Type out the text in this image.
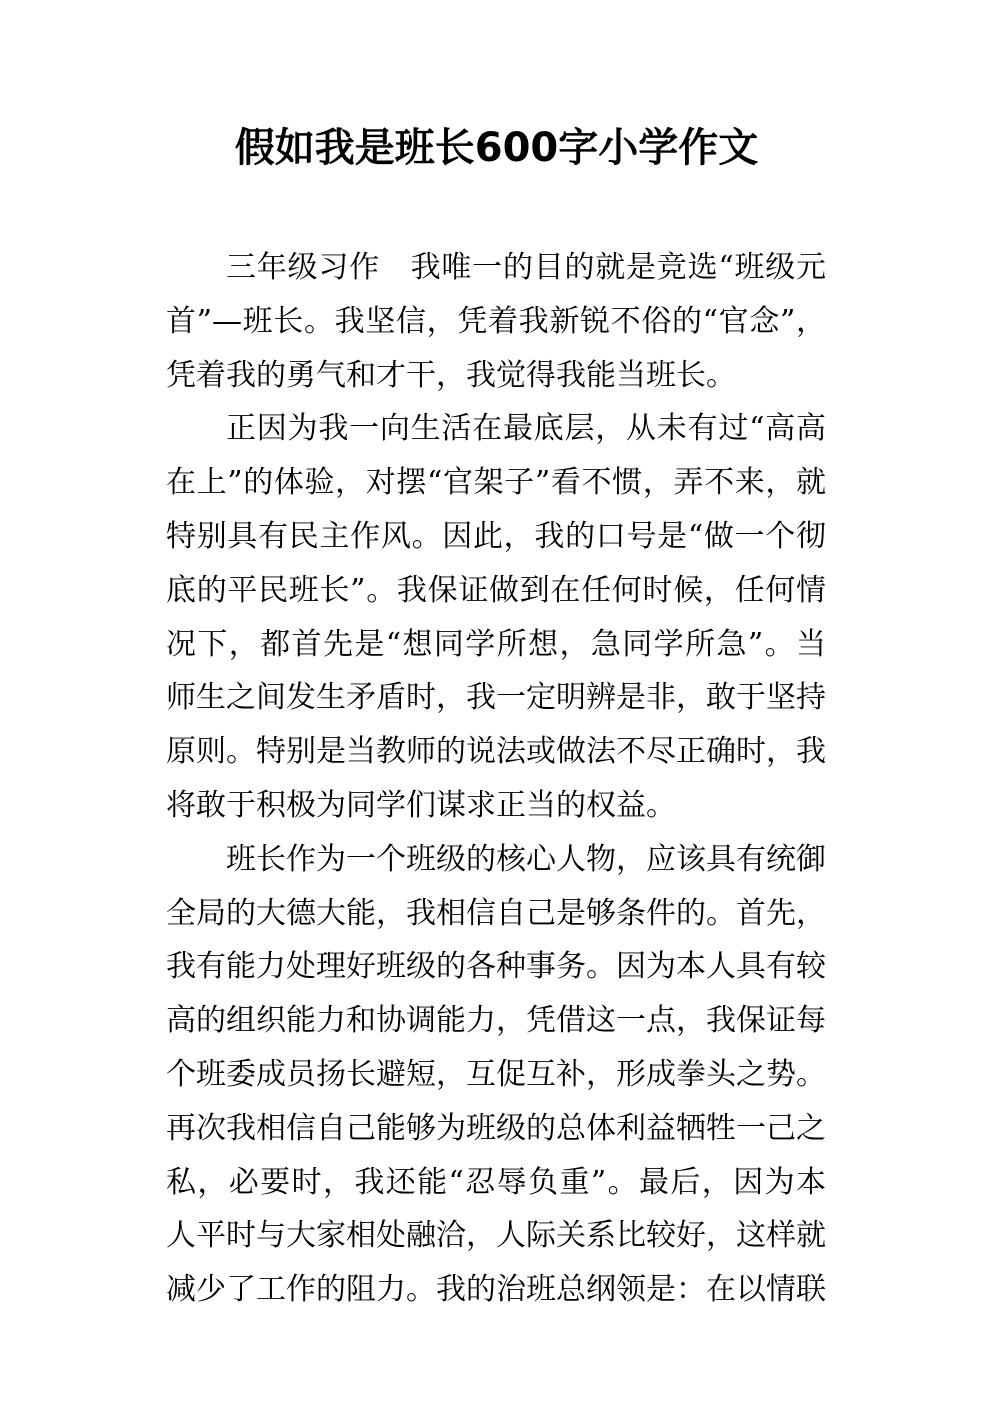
假如我是班长600字小学作文

三年级习作　我唯一的目的就是竞选“班级元首”—班长。我坚信，凭着我新锐不俗的“官念”，凭着我的勇气和才干，我觉得我能当班长。

正因为我一向生活在最底层，从未有过“高高在上”的体验，对摆“官架子”看不惯，弄不来，就特别具有民主作风。因此，我的口号是“做一个彻底的平民班长”。我保证做到在任何时候，任何情况下，都首先是“想同学所想，急同学所急”。当师生之间发生矛盾时，我一定明辨是非，敢于坚持原则。特别是当教师的说法或做法不尽正确时，我将敢于积极为同学们谋求正当的权益。

班长作为一个班级的核心人物，应该具有统御全局的大德大能，我相信自己是够条件的。首先，我有能力处理好班级的各种事务。因为本人具有较高的组织能力和协调能力，凭借这一点，我保证每个班委成员扬长避短，互促互补，形成拳头之势。再次我相信自己能够为班级的总体利益牺牲一己之私，必要时，我还能“忍辱负重”。最后，因为本人平时与大家相处融洽，人际关系比较好，这样就减少了工作的阻力。我的治班总纲领是：在以情联
